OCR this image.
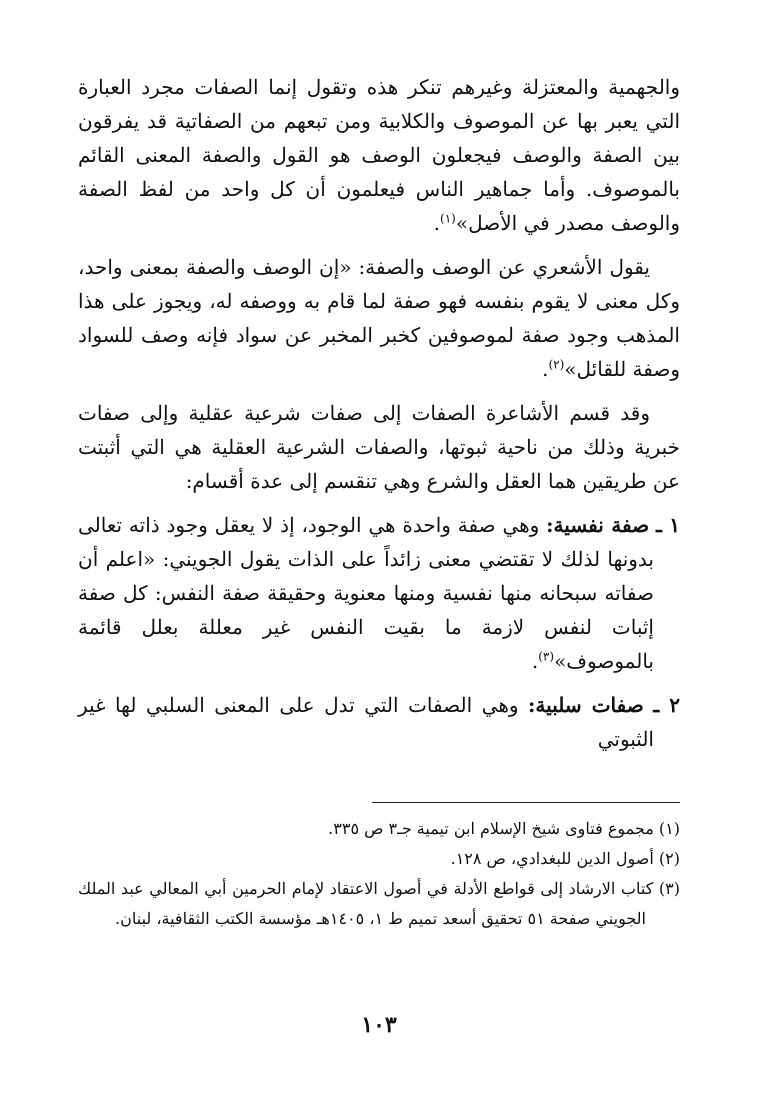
والجهمية والمعتزلة وغيرهم تنكر هذه وتقول إنما الصفات مجرد العبارة التي يعبر بها عن الموصوف والكلابية ومن تبعهم من الصفاتية قد يفرقون بين الصفة والوصف فيجعلون الوصف هو القول والصفة المعنى القائم بالموصوف. وأما جماهير الناس فيعلمون أن كل واحد من لفظ الصفة والوصف مصدر في الأصل»$^{(١)}$.

يقول الأشعري عن الوصف والصفة: «إن الوصف والصفة بمعنى واحد، وكل معنى لا يقوم بنفسه فهو صفة لما قام به ووصفه له، ويجوز على هذا المذهب وجود صفة لموصوفين كخبر المخبر عن سواد فإنه وصف للسواد وصفة للقائل»$^{(٢)}$.

وقد قسم الأشاعرة الصفات إلى صفات شرعية عقلية وإلى صفات خبرية وذلك من ناحية ثبوتها، والصفات الشرعية العقلية هي التي أثبتت عن طريقين هما العقل والشرع وهي تنقسم إلى عدة أقسام:

١ ـ صفة نفسية: وهي صفة واحدة هي الوجود، إذ لا يعقل وجود ذاته تعالى بدونها لذلك لا تقتضي معنى زائداً على الذات يقول الجويني: «اعلم أن صفاته سبحانه منها نفسية ومنها معنوية وحقيقة صفة النفس: كل صفة إثبات لنفس لازمة ما بقيت النفس غير معللة بعلل قائمة بالموصوف»$^{(٣)}$.

٢ ـ صفات سلبية: وهي الصفات التي تدل على المعنى السلبي لها غير الثبوتي

(١) مجموع فتاوى شيخ الإسلام ابن تيمية جـ٣ ص ٣٣٥.

(٢) أصول الدين للبغدادي، ص ١٢٨.

(٣) كتاب الارشاد إلى قواطع الأدلة في أصول الاعتقاد لإمام الحرمين أبي المعالي عبد الملك الجويني صفحة ٥١ تحقيق أسعد تميم ط ١، ١٤٠٥هـ مؤسسة الكتب الثقافية، لبنان.

١٠٣
